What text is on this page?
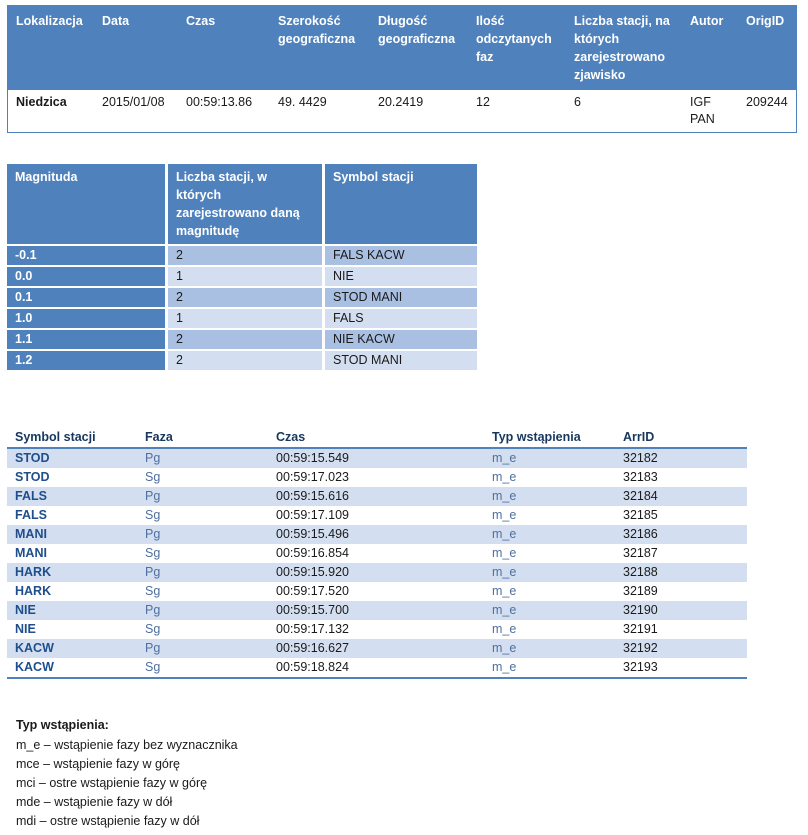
Lokalizacja	Data	Czas	Szerokość geograficzna	Długość geograficzna	Ilość odczytanych faz	Liczba stacji, na których zarejestrowano zjawisko	Autor	OrigID
Niedzica	2015/01/08	00:59:13.86	49. 4429	20.2419	12	6	IGF PAN	209244
Magnituda	Liczba stacji, w których zarejestrowano daną magnitudę	Symbol stacji
-0.1	2	FALS KACW
0.0	1	NIE
0.1	2	STOD MANI
1.0	1	FALS
1.1	2	NIE KACW
1.2	2	STOD MANI
Symbol stacji	Faza	Czas	Typ wstąpienia	ArrID
STOD	Pg	00:59:15.549	m_e	32182
STOD	Sg	00:59:17.023	m_e	32183
FALS	Pg	00:59:15.616	m_e	32184
FALS	Sg	00:59:17.109	m_e	32185
MANI	Pg	00:59:15.496	m_e	32186
MANI	Sg	00:59:16.854	m_e	32187
HARK	Pg	00:59:15.920	m_e	32188
HARK	Sg	00:59:17.520	m_e	32189
NIE	Pg	00:59:15.700	m_e	32190
NIE	Sg	00:59:17.132	m_e	32191
KACW	Pg	00:59:16.627	m_e	32192
KACW	Sg	00:59:18.824	m_e	32193
Typ wstąpienia:
m_e – wstąpienie fazy bez wyznacznika
mce – wstąpienie fazy w górę
mci – ostre wstąpienie fazy w górę
mde – wstąpienie fazy w dół
mdi – ostre wstąpienie fazy w dół
